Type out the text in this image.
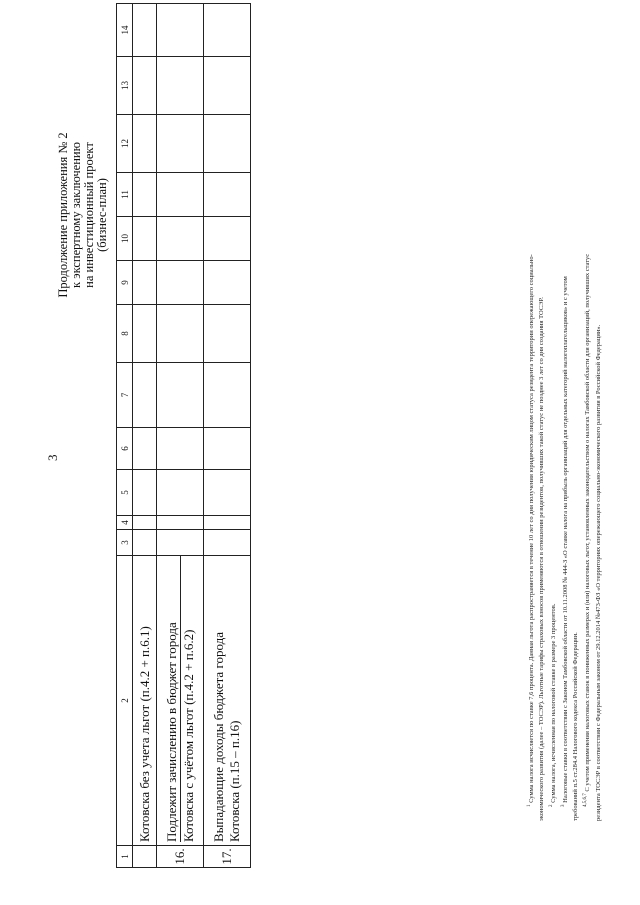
3
Продолжение приложения № 2 к экспертному заключению на инвестиционный проект (бизнес-план)
1	2	3	4	5	6	7	8	9	10	11	12	13	14

	Котовска без учета льгот (п.4.2 + п.6.1)												

16.	Подлежит зачислению в бюджет города Котовска с учётом льгот (п.4.2 + п.6.2)												

17.	Выпадающие доходы бюджета города Котовска (п.15 – п.16)												
													$^1$ Сумма налога исчисляется по ставке 7,6 процента. Данная льгота распространяется в течение 10 лет со дня получения юридическим лицом статуса резидента территории опережающего социально- экономического развития (далее – ТОСЭР). Льготные тарифы страховых взносов применяются в отношении резидентов, получивших такой статус не позднее 3 лет со дня создания ТОСЭР. $^2$ Сумма налога, исчисленная по налоговой ставке в размере 3 процентов.

$^3$ Налоговые ставки в соответствии с Законом Тамбовской области от 10.11.2008 № 444-З «О ставке налога на прибыль организаций для отдельных категорий налогоплательщиков» и с учетом требований п.5 ст.284.4 Налогового кодекса Российской Федерации. $^{4,5,6,7}$ С учетом применения налоговых ставок в пониженных размерах и (или) налоговых льгот, установленных законодательством о налогах Тамбовской области для организаций, получивших статус резидента ТОСЭР в соответствии с Федеральным законом от 29.12.2014 №473-ФЗ «О территориях опережающего социально-экономического развития в Российской Федерации».
